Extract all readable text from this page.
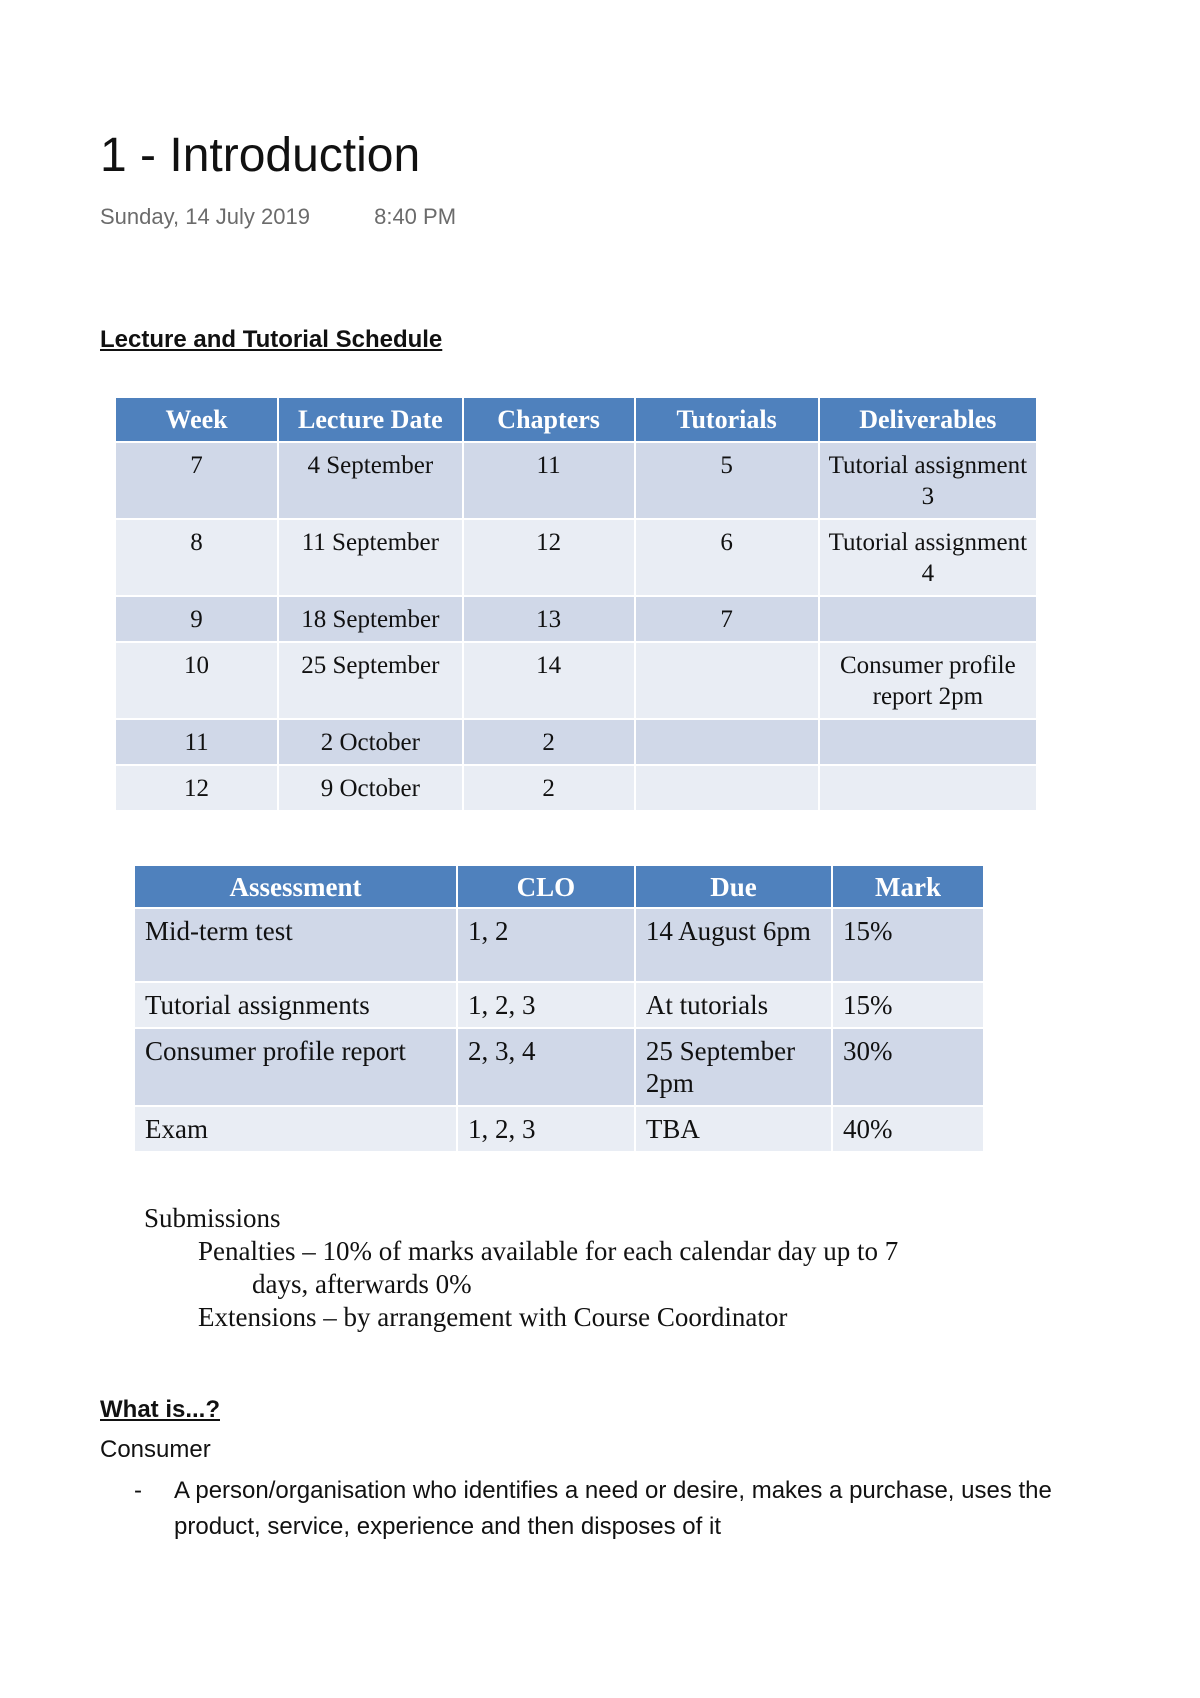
1 - Introduction
Sunday, 14 July 2019	8:40 PM
Lecture and Tutorial Schedule
Week	Lecture Date	Chapters	Tutorials	Deliverables
7	4 September	11	5	Tutorial assignment 3
8	11 September	12	6	Tutorial assignment 4
9	18 September	13	7	
10	25 September	14		Consumer profile report 2pm
11	2 October	2		
12	9 October	2		
Assessment	CLO	Due	Mark
Mid-term test	1, 2	14 August 6pm	15%
Tutorial assignments	1, 2, 3	At tutorials	15%
Consumer profile report	2, 3, 4	25 September 2pm	30%
Exam	1, 2, 3	TBA	40%
Submissions
Penalties – 10% of marks available for each calendar day up to 7
days, afterwards 0%
Extensions – by arrangement with Course Coordinator
What is...?
Consumer
- A person/organisation who identifies a need or desire, makes a purchase, uses the product, service, experience and then disposes of it
